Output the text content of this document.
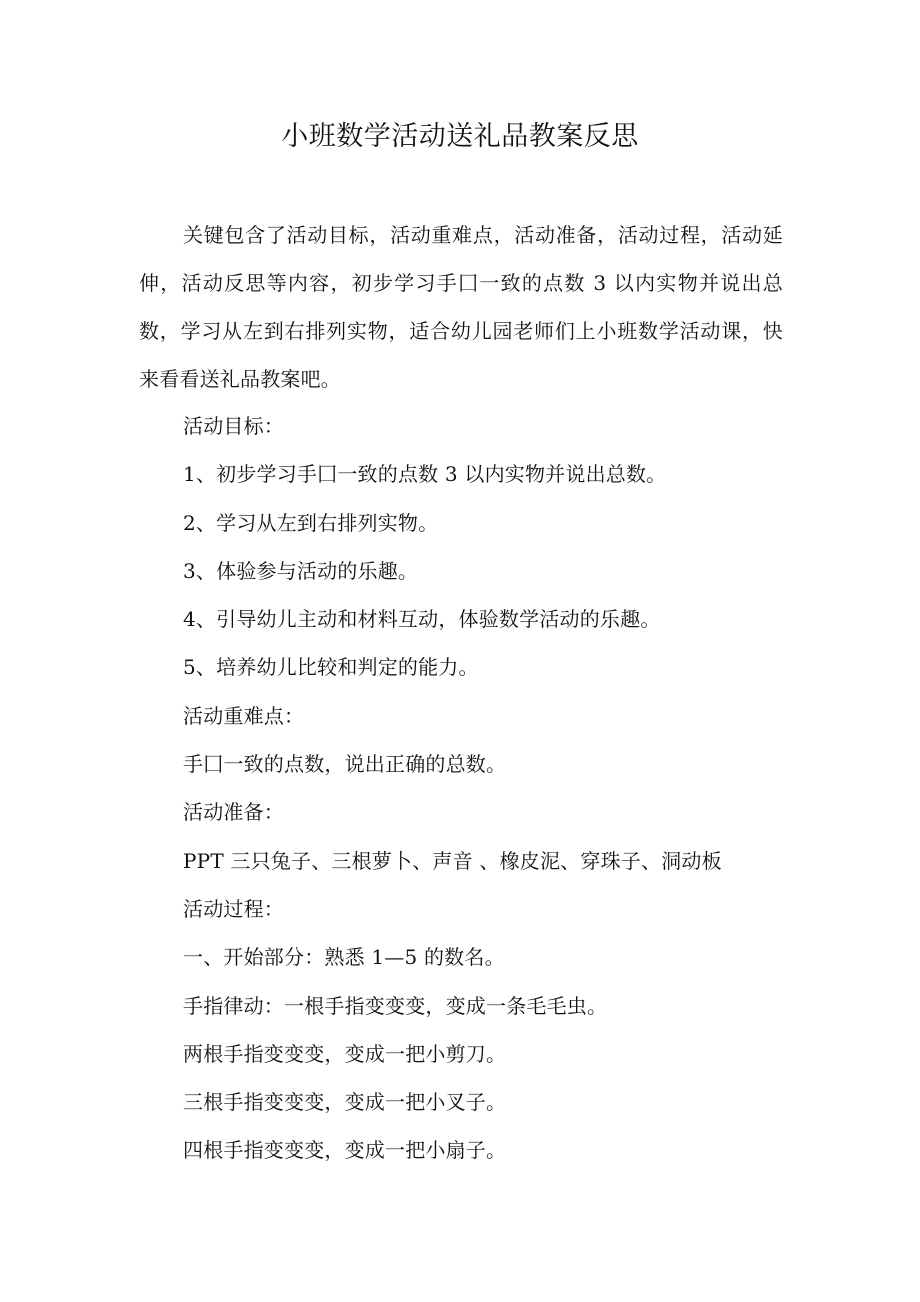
小班数学活动送礼品教案反思

关键包含了活动目标，活动重难点，活动准备，活动过程，活动延伸，活动反思等内容，初步学习手囗一致的点数 3 以内实物并说出总数，学习从左到右排列实物，适合幼儿园老师们上小班数学活动课，快来看看送礼品教案吧。

活动目标：
1、初步学习手囗一致的点数 3 以内实物并说出总数。
2、学习从左到右排列实物。
3、体验参与活动的乐趣。
4、引导幼儿主动和材料互动，体验数学活动的乐趣。
5、培养幼儿比较和判定的能力。
活动重难点：
手囗一致的点数，说出正确的总数。
活动准备：
PPT 三只兔子、三根萝卜、声音 、橡皮泥、穿珠子、洞动板
活动过程：
一、开始部分：熟悉 1—5 的数名。
手指律动：一根手指变变变，变成一条毛毛虫。
两根手指变变变，变成一把小剪刀。
三根手指变变变，变成一把小叉子。
四根手指变变变，变成一把小扇子。
